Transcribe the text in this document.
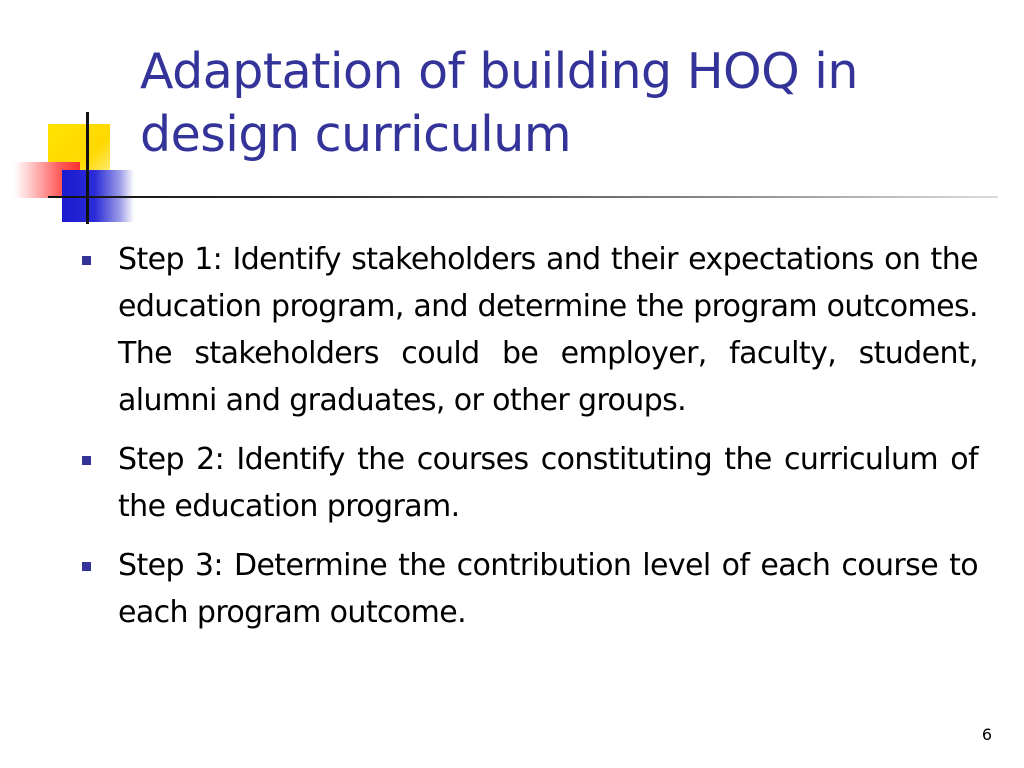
Adaptation of building HOQ in design curriculum
Step 1: Identify stakeholders and their expectations on the education program, and determine the program outcomes. The stakeholders could be employer, faculty, student, alumni and graduates, or other groups.
Step 2: Identify the courses constituting the curriculum of the education program.
Step 3: Determine the contribution level of each course to each program outcome.
6
